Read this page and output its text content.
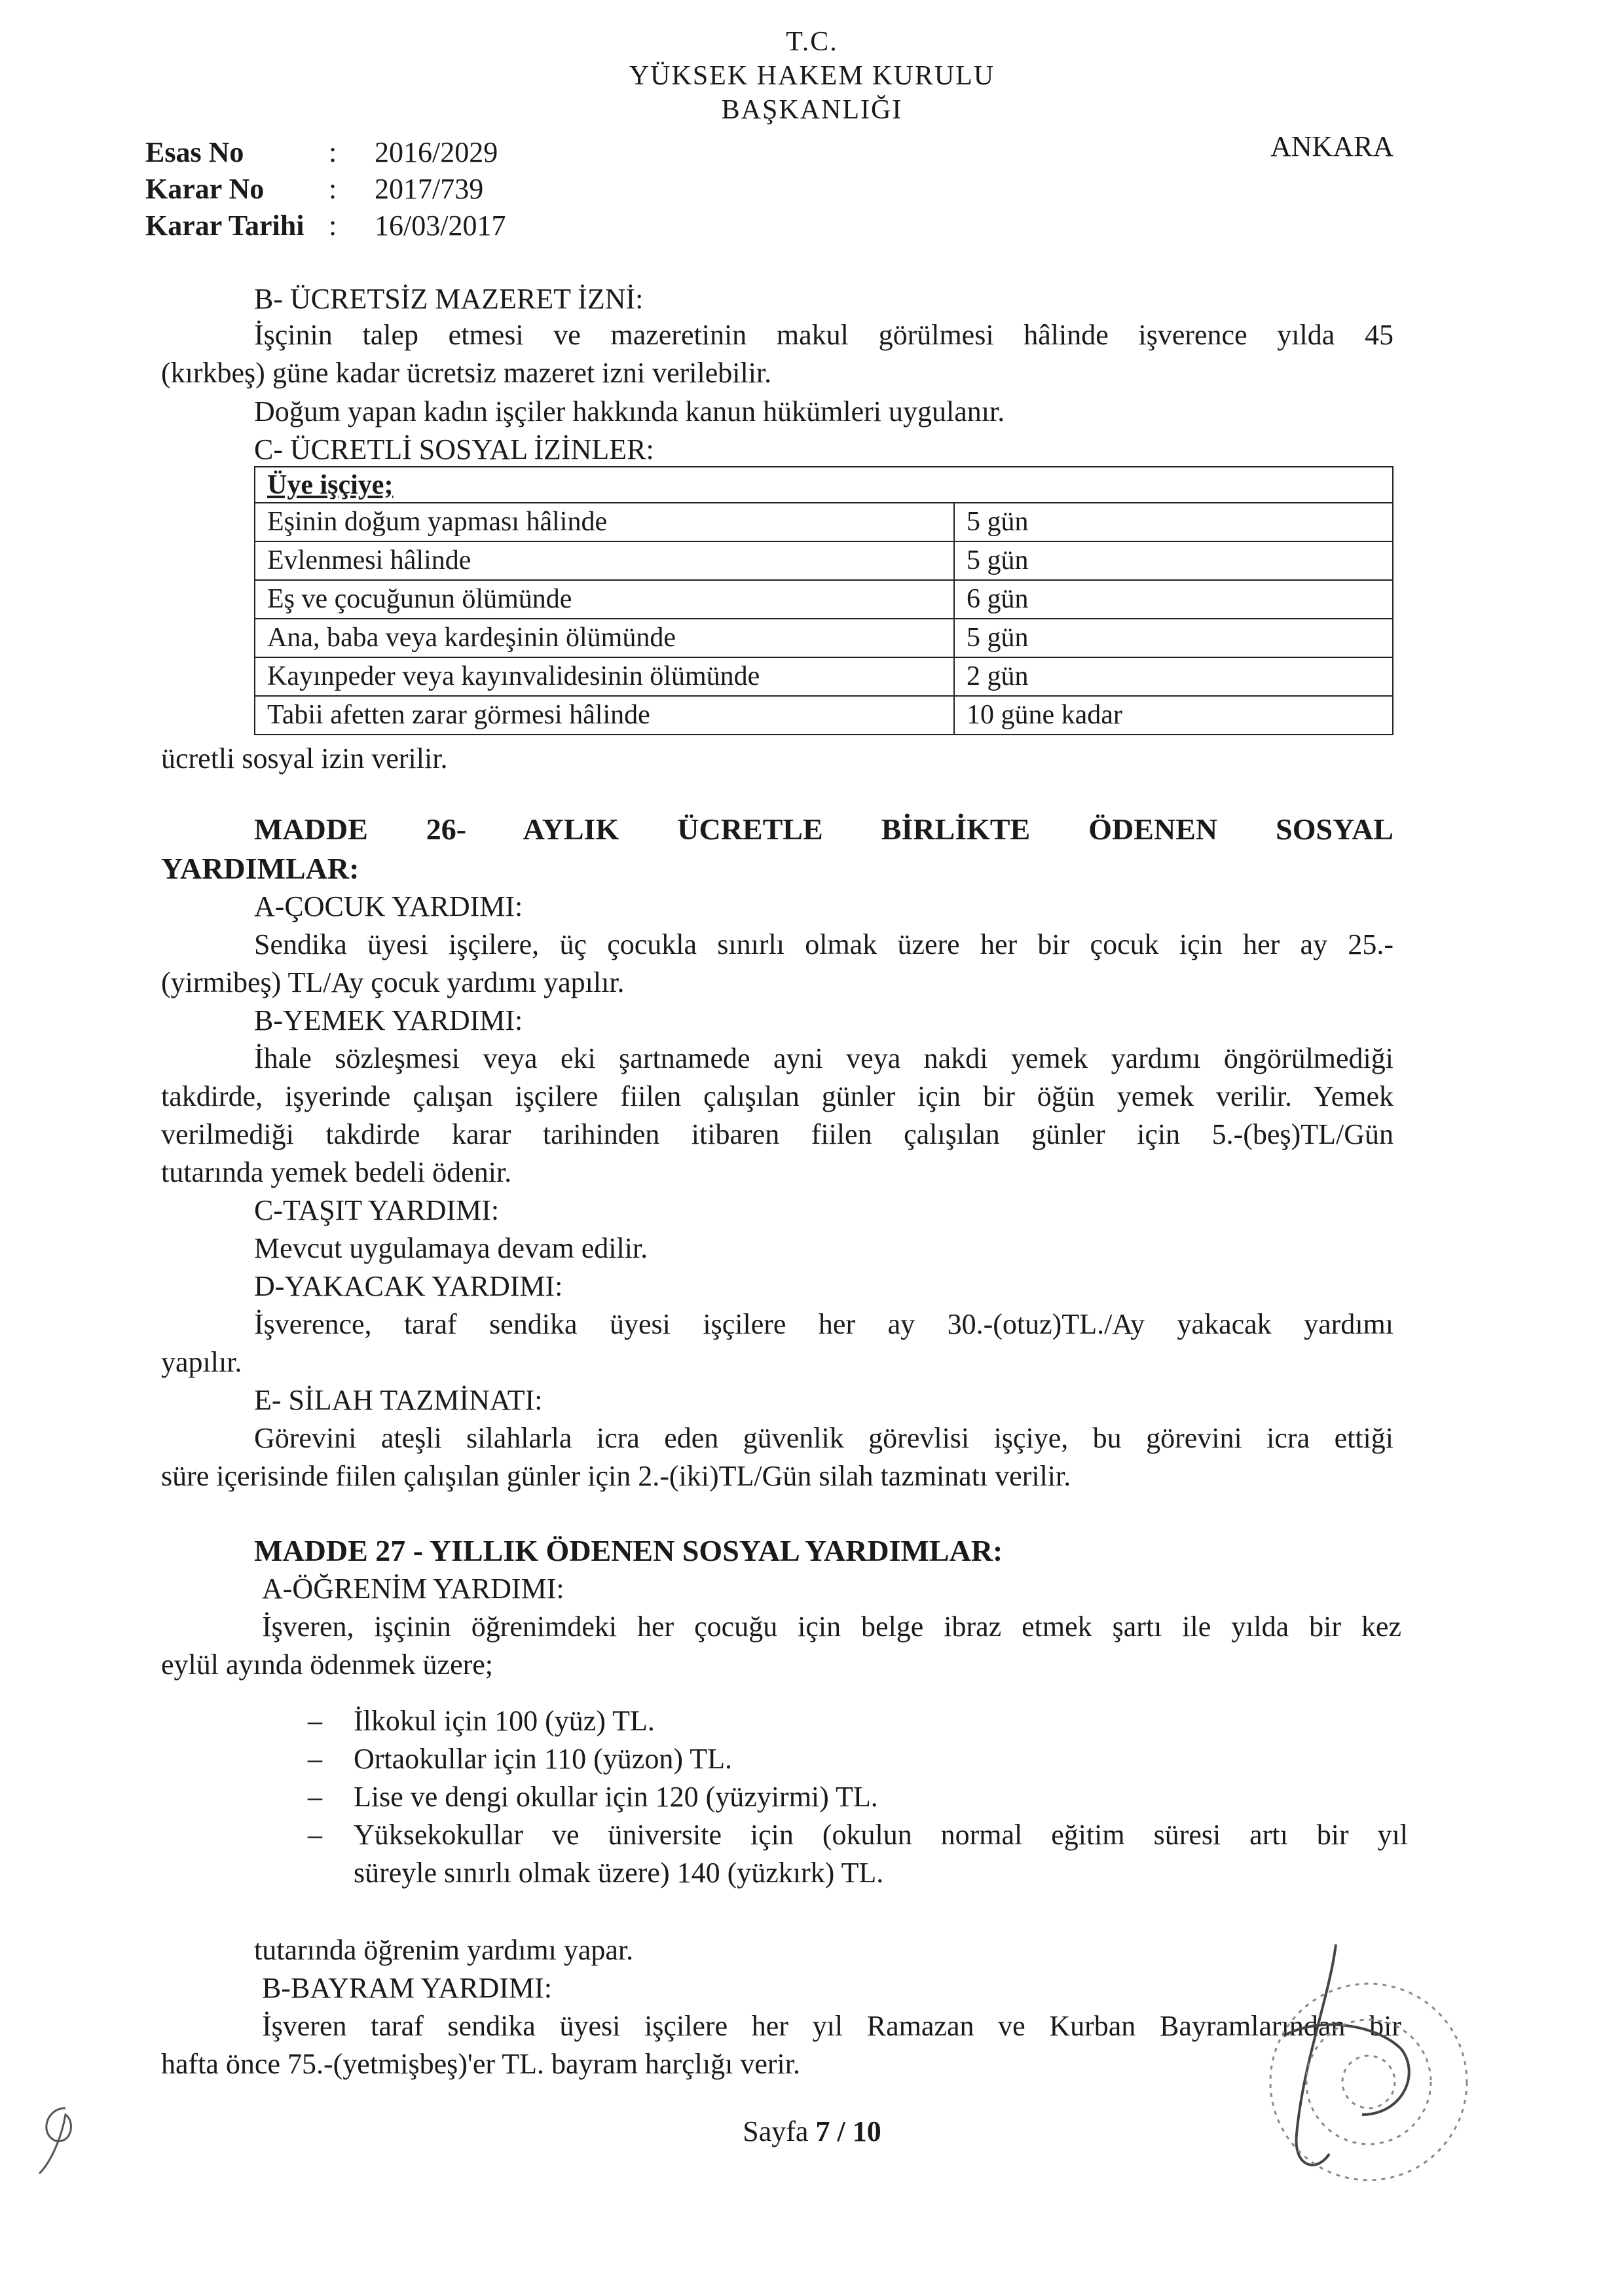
T.C.
YÜKSEK HAKEM KURULU
BAŞKANLIĞI
Esas No	:	2016/2029
Karar No	:	2017/739
Karar Tarihi :	16/03/2017
ANKARA
B- ÜCRETSİZ MAZERET İZNİ:
İşçinin talep etmesi ve mazeretinin makul görülmesi hâlinde işverence yılda 45
(kırkbeş) güne kadar ücretsiz mazeret izni verilebilir.
Doğum yapan kadın işçiler hakkında kanun hükümleri uygulanır.
C- ÜCRETLİ SOSYAL İZİNLER:
Üye işçiye;
Eşinin doğum yapması hâlinde	5 gün
Evlenmesi hâlinde	5 gün
Eş ve çocuğunun ölümünde	6 gün
Ana, baba veya kardeşinin ölümünde	5 gün
Kayınpeder veya kayınvalidesinin ölümünde	2 gün
Tabii afetten zarar görmesi hâlinde	10 güne kadar
ücretli sosyal izin verilir.
MADDE 26- AYLIK ÜCRETLE BİRLİKTE ÖDENEN SOSYAL
YARDIMLAR:
A-ÇOCUK YARDIMI:
Sendika üyesi işçilere, üç çocukla sınırlı olmak üzere her bir çocuk için her ay 25.-
(yirmibeş) TL/Ay çocuk yardımı yapılır.
B-YEMEK YARDIMI:
İhale sözleşmesi veya eki şartnamede ayni veya nakdi yemek yardımı öngörülmediği
takdirde, işyerinde çalışan işçilere fiilen çalışılan günler için bir öğün yemek verilir. Yemek
verilmediği takdirde karar tarihinden itibaren fiilen çalışılan günler için 5.-(beş)TL/Gün
tutarında yemek bedeli ödenir.
C-TAŞIT YARDIMI:
Mevcut uygulamaya devam edilir.
D-YAKACAK YARDIMI:
İşverence, taraf sendika üyesi işçilere her ay 30.-(otuz)TL./Ay yakacak yardımı
yapılır.
E- SİLAH TAZMİNATI:
Görevini ateşli silahlarla icra eden güvenlik görevlisi işçiye, bu görevini icra ettiği
süre içerisinde fiilen çalışılan günler için 2.-(iki)TL/Gün silah tazminatı verilir.
MADDE 27 - YILLIK ÖDENEN SOSYAL YARDIMLAR:
A-ÖĞRENİM YARDIMI:
İşveren, işçinin öğrenimdeki her çocuğu için belge ibraz etmek şartı ile yılda bir kez
eylül ayında ödenmek üzere;
–	İlkokul için 100 (yüz) TL.
–	Ortaokullar için 110 (yüzon) TL.
–	Lise ve dengi okullar için 120 (yüzyirmi) TL.
–	Yüksekokullar ve üniversite için (okulun normal eğitim süresi artı bir yıl
süreyle sınırlı olmak üzere) 140 (yüzkırk) TL.
tutarında öğrenim yardımı yapar.
B-BAYRAM YARDIMI:
İşveren taraf sendika üyesi işçilere her yıl Ramazan ve Kurban Bayramlarından bir
hafta önce 75.-(yetmişbeş)'er TL. bayram harçlığı verir.
Sayfa 7 / 10
